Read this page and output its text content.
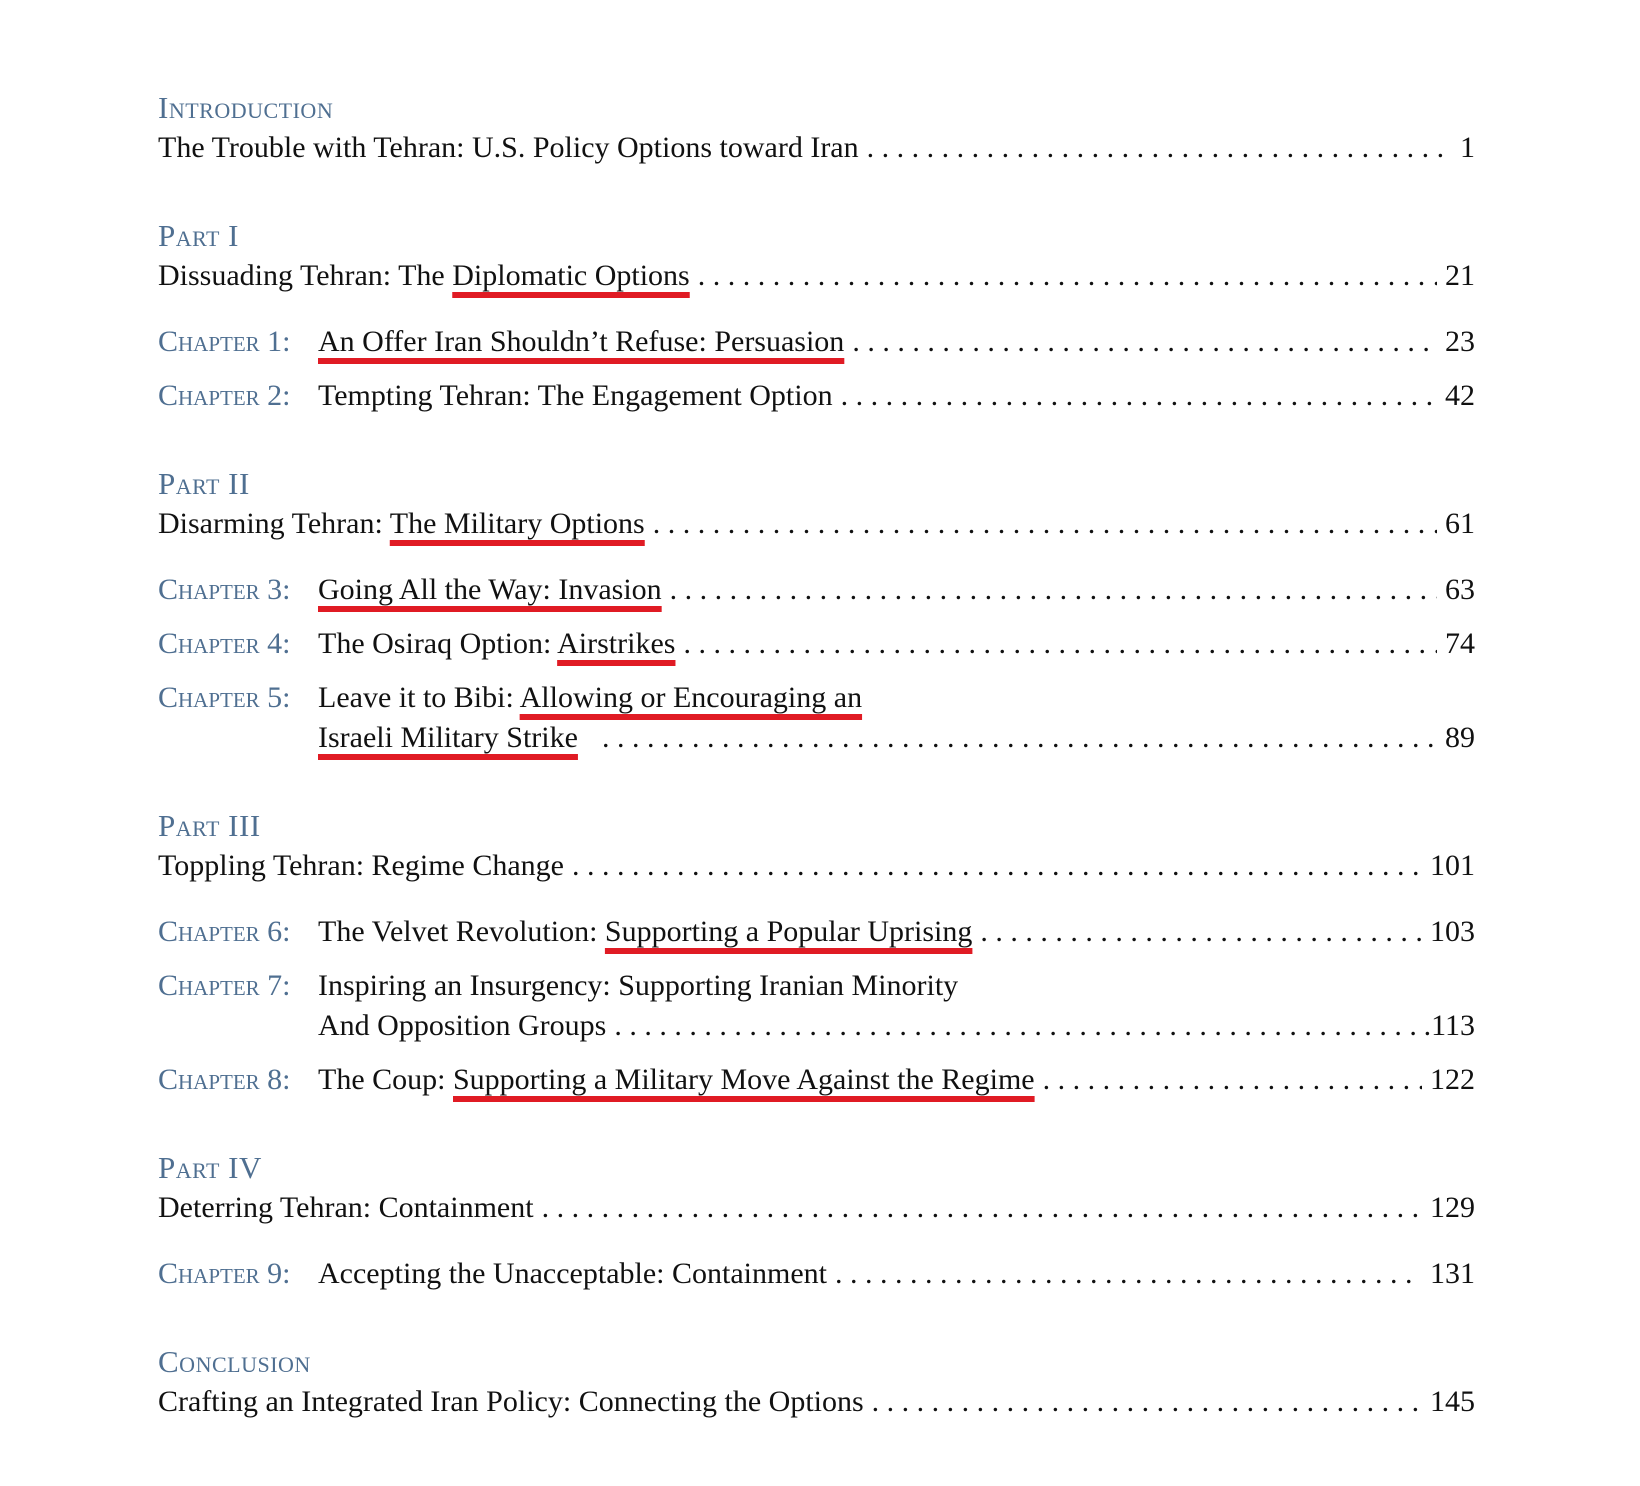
Introduction
The Trouble with Tehran: U.S. Policy Options toward Iran . . .	1
Part I
Dissuading Tehran: The Diplomatic Options . . .	21
Chapter 1: An Offer Iran Shouldn’t Refuse: Persuasion . . .	23
Chapter 2: Tempting Tehran: The Engagement Option . . .	42
Part II
Disarming Tehran: The Military Options . . .	61
Chapter 3: Going All the Way: Invasion . . .	63
Chapter 4: The Osiraq Option: Airstrikes . . .	74
Chapter 5: Leave it to Bibi: Allowing or Encouraging an
Israeli Military Strike . . .	89
Part III
Toppling Tehran: Regime Change . . .	101
Chapter 6: The Velvet Revolution: Supporting a Popular Uprising . . .	103
Chapter 7: Inspiring an Insurgency: Supporting Iranian Minority
And Opposition Groups . . .	.113
Chapter 8: The Coup: Supporting a Military Move Against the Regime . . .	122
Part IV
Deterring Tehran: Containment . . .	129
Chapter 9: Accepting the Unacceptable: Containment . . .	131
Conclusion
Crafting an Integrated Iran Policy: Connecting the Options . . .	145
